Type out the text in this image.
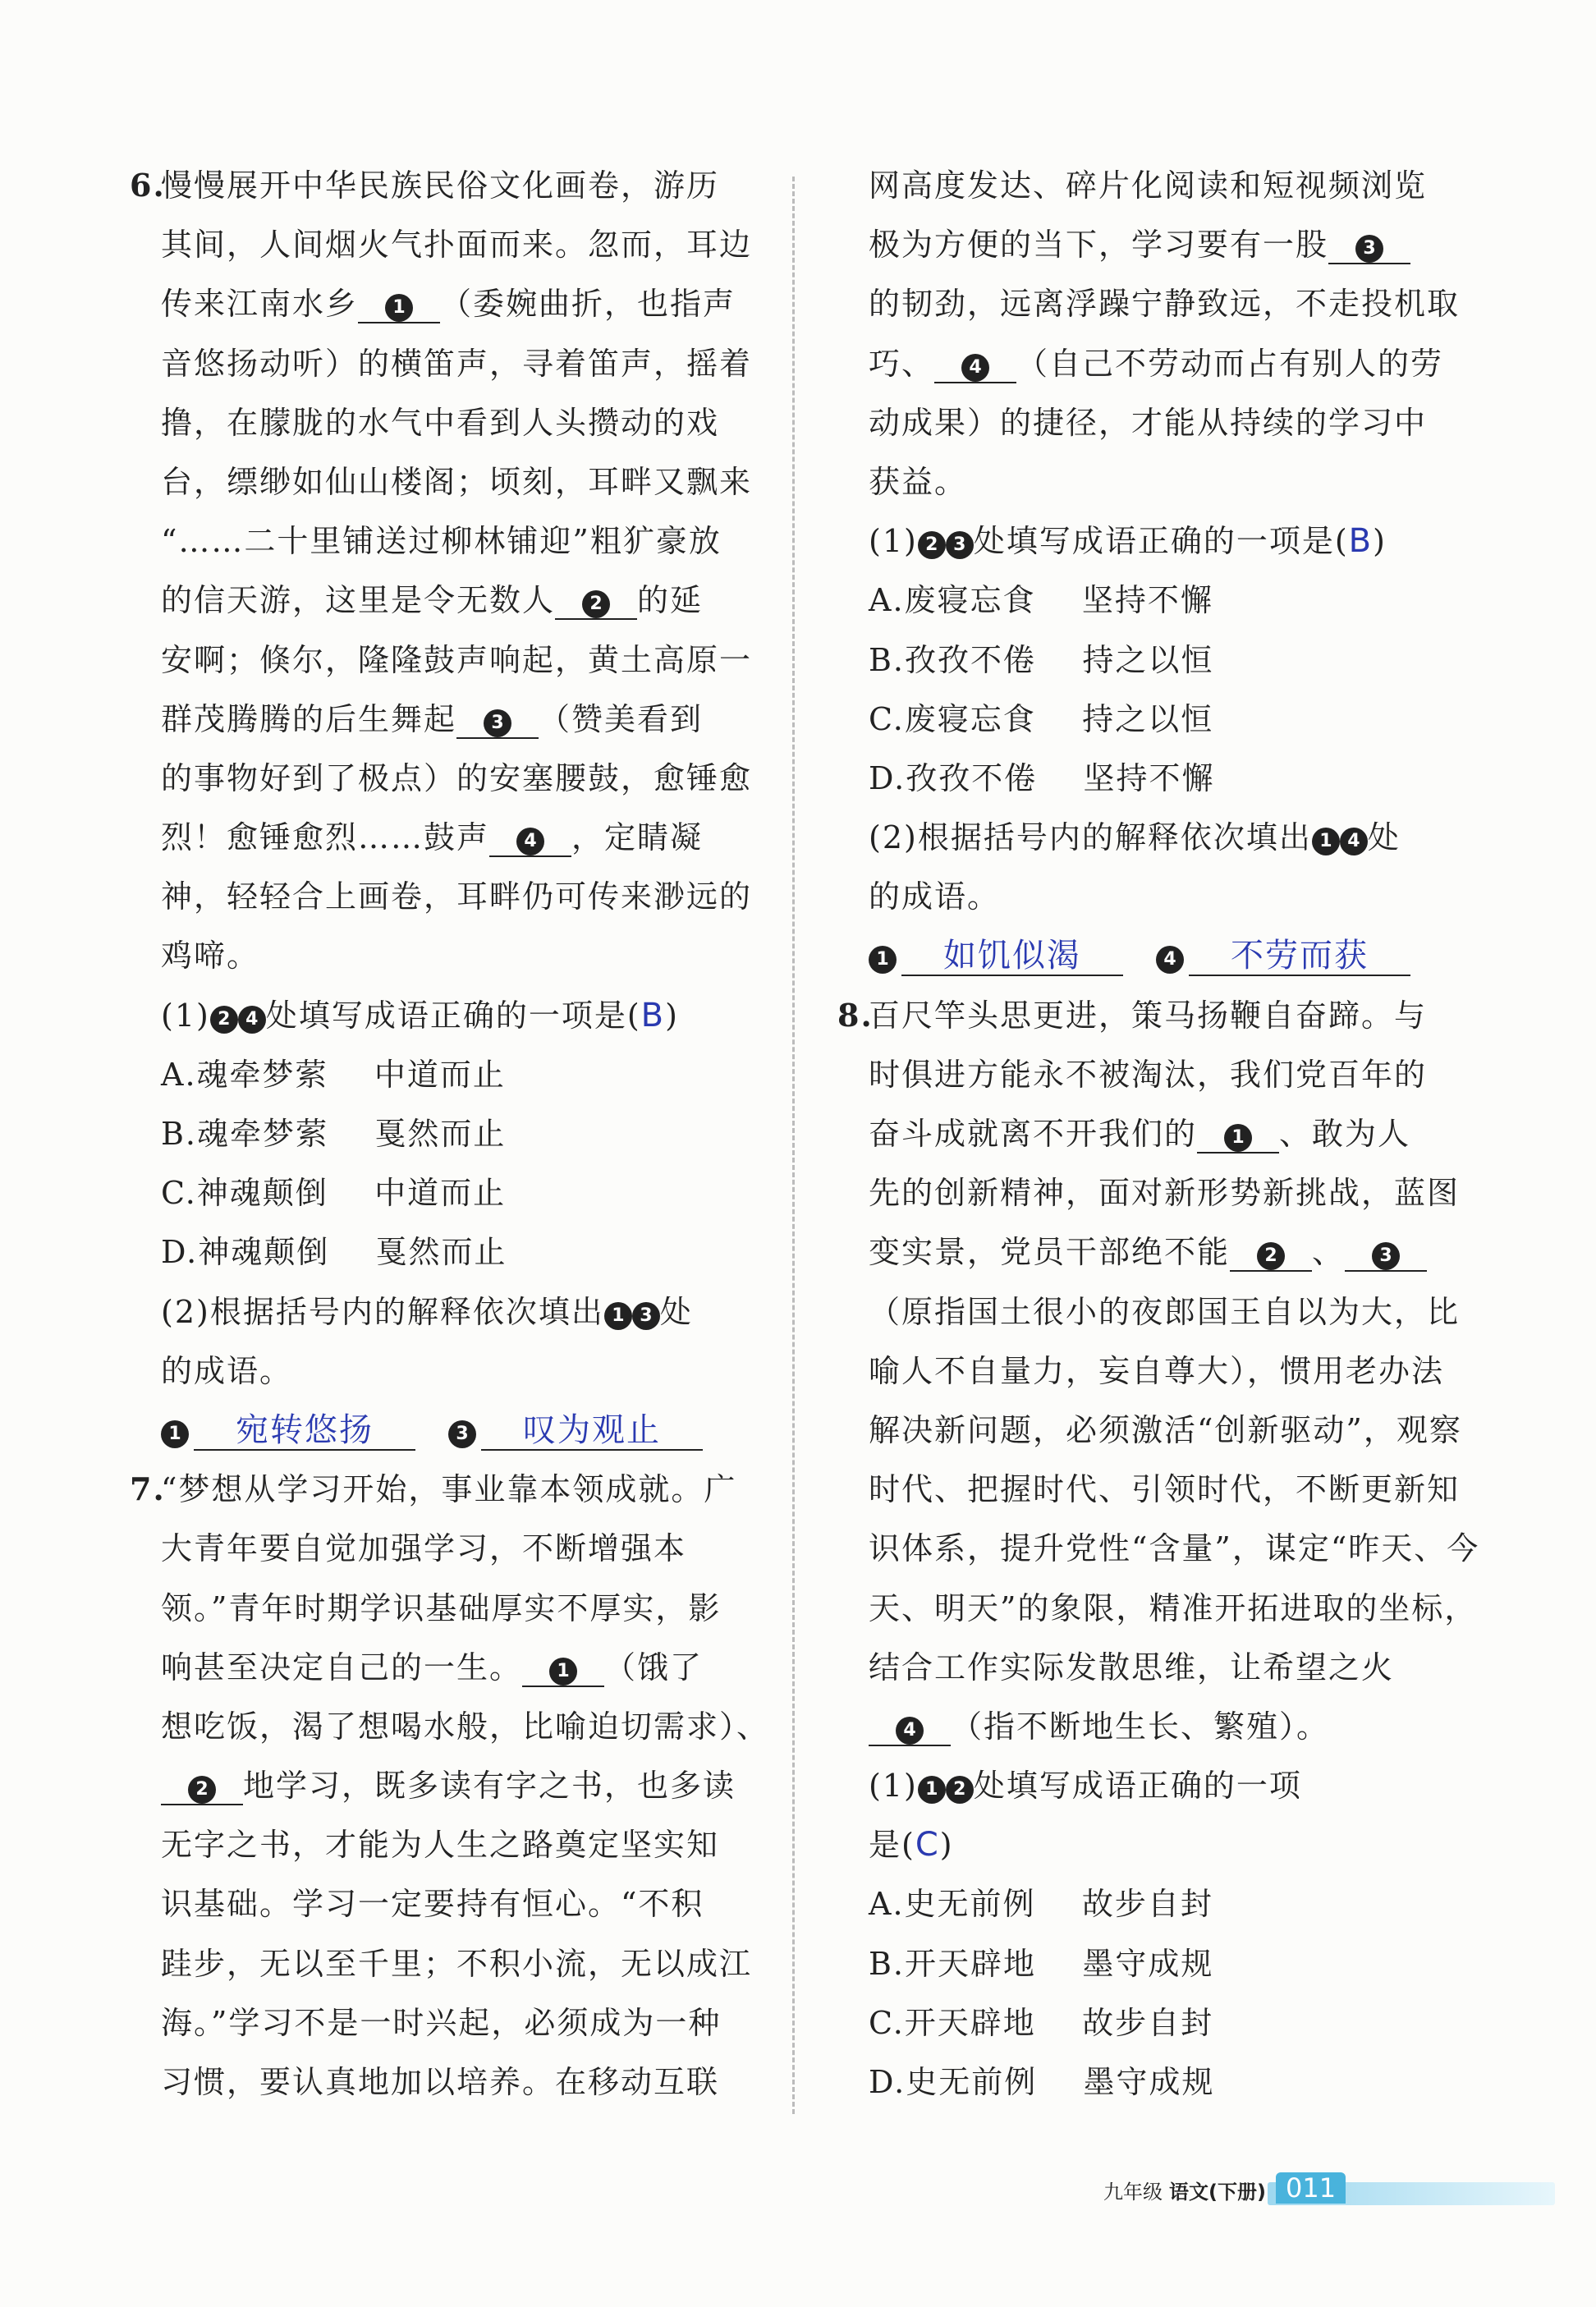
6.慢慢展开中华民族民俗文化画卷，游历
其间，人间烟火气扑面而来。忽而，耳边
传来江南水乡 1 （委婉曲折，也指声
音悠扬动听）的横笛声，寻着笛声，摇着
撸，在朦胧的水气中看到人头攒动的戏
台，缥缈如仙山楼阁；顷刻，耳畔又飘来
“……二十里铺送过柳林铺迎”粗犷豪放
的信天游，这里是令无数人 2 的延
安啊；倏尔，隆隆鼓声响起，黄土高原一
群茂腾腾的后生舞起 3 （赞美看到
的事物好到了极点）的安塞腰鼓，愈锤愈
烈！愈锤愈烈……鼓声 4 ，定睛凝
神，轻轻合上画卷，耳畔仍可传来渺远的
鸡啼。
(1) 2 4 处填写成语正确的一项是(B)
A.魂牵梦萦    中道而止
B.魂牵梦萦    戛然而止
C.神魂颠倒    中道而止
D.神魂颠倒    戛然而止
(2)根据括号内的解释依次填出 1 3 处
的成语。
1 宛转悠扬	3 叹为观止
7.“梦想从学习开始，事业靠本领成就。广
大青年要自觉加强学习，不断增强本
领。”青年时期学识基础厚实不厚实，影
响甚至决定自己的一生。 1 （饿了
想吃饭，渴了想喝水般，比喻迫切需求）、
2 地学习，既多读有字之书，也多读
无字之书，才能为人生之路奠定坚实知
识基础。学习一定要持有恒心。“不积
跬步，无以至千里；不积小流，无以成江
海。”学习不是一时兴起，必须成为一种
习惯，要认真地加以培养。在移动互联
网高度发达、碎片化阅读和短视频浏览
极为方便的当下，学习要有一股 3
的韧劲，远离浮躁宁静致远，不走投机取
巧、 4 （自己不劳动而占有别人的劳
动成果）的捷径，才能从持续的学习中
获益。
(1) 2 3 处填写成语正确的一项是(B)
A.废寝忘食    坚持不懈
B.孜孜不倦    持之以恒
C.废寝忘食    持之以恒
D.孜孜不倦    坚持不懈
(2)根据括号内的解释依次填出 1 4 处
的成语。
1 如饥似渴	4 不劳而获
8.百尺竿头思更进，策马扬鞭自奋蹄。与
时俱进方能永不被淘汰，我们党百年的
奋斗成就离不开我们的 1 、敢为人
先的创新精神，面对新形势新挑战，蓝图
变实景，党员干部绝不能 2 、 3
（原指国土很小的夜郎国王自以为大，比
喻人不自量力，妄自尊大），惯用老办法
解决新问题，必须激活“创新驱动”，观察
时代、把握时代、引领时代，不断更新知
识体系，提升党性“含量”，谋定“昨天、今
天、明天”的象限，精准开拓进取的坐标，
结合工作实际发散思维，让希望之火
4 （指不断地生长、繁殖）。
(1) 1 2 处填写成语正确的一项
是(C)
A.史无前例    故步自封
B.开天辟地    墨守成规
C.开天辟地    故步自封
D.史无前例    墨守成规
九年级 语文(下册) 011
